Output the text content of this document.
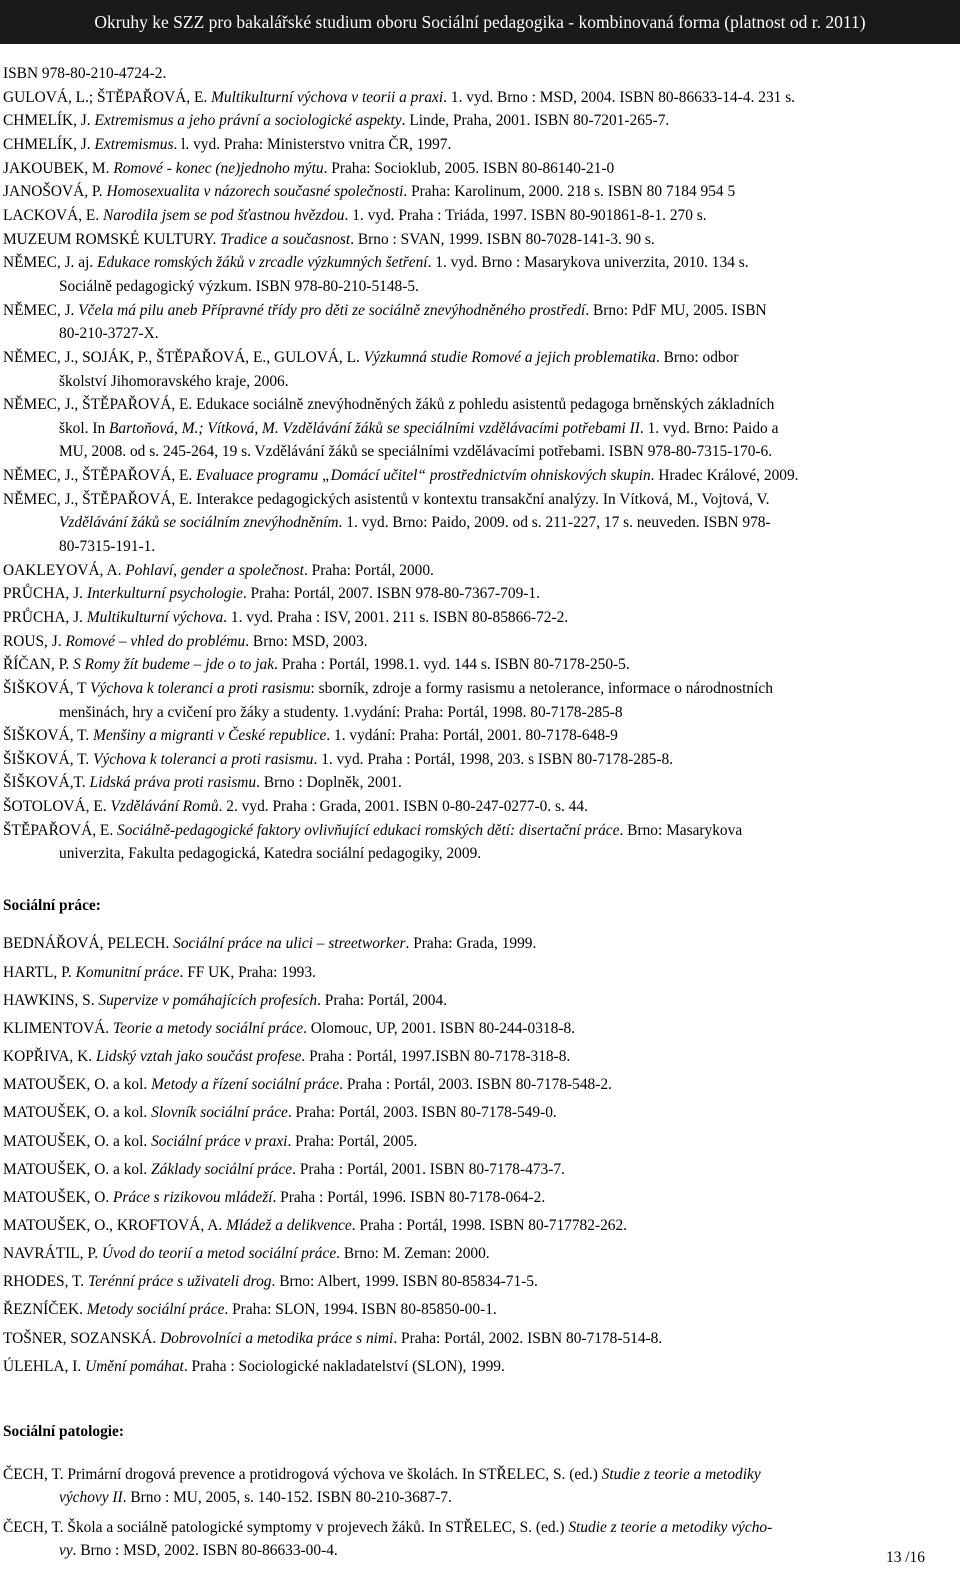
Okruhy ke SZZ pro bakalářské studium oboru Sociální pedagogika - kombinovaná forma (platnost od r. 2011)
ISBN 978-80-210-4724-2.
GULOVÁ, L.; ŠTĚPAŘOVÁ, E. Multikulturní výchova v teorii a praxi. 1. vyd. Brno : MSD, 2004. ISBN 80-86633-14-4. 231 s.
CHMELÍK, J. Extremismus a jeho právní a sociologické aspekty. Linde, Praha, 2001. ISBN 80-7201-265-7.
CHMELÍK, J. Extremismus. l. vyd. Praha: Ministerstvo vnitra ČR, 1997.
JAKOUBEK, M. Romové - konec (ne)jednoho mýtu. Praha: Socioklub, 2005. ISBN 80-86140-21-0
JANOŠOVÁ, P. Homosexualita v názorech současné společnosti. Praha: Karolinum, 2000. 218 s. ISBN 80 7184 954 5
LACKOVÁ, E. Narodila jsem se pod šťastnou hvězdou. 1. vyd. Praha : Triáda, 1997. ISBN 80-901861-8-1. 270 s.
MUZEUM ROMSKÉ KULTURY. Tradice a současnost. Brno : SVAN, 1999. ISBN 80-7028-141-3. 90 s.
NĚMEC, J. aj. Edukace romských žáků v zrcadle výzkumných šetření. 1. vyd. Brno : Masarykova univerzita, 2010. 134 s.
Sociálně pedagogický výzkum. ISBN 978-80-210-5148-5.
NĚMEC, J. Včela má pilu aneb Přípravné třídy pro děti ze sociálně znevýhodněného prostředí. Brno: PdF MU, 2005. ISBN
80-210-3727-X.
NĚMEC, J., SOJÁK, P., ŠTĚPAŘOVÁ, E., GULOVÁ, L. Výzkumná studie Romové a jejich problematika. Brno: odbor
školství Jihomoravského kraje, 2006.
NĚMEC, J., ŠTĚPAŘOVÁ, E. Edukace sociálně znevýhodněných žáků z pohledu asistentů pedagoga brněnských základních
škol. In Bartoňová, M.; Vítková, M. Vzdělávání žáků se speciálními vzdělávacími potřebami II. 1. vyd. Brno: Paido a
MU, 2008. od s. 245-264, 19 s. Vzdělávání žáků se speciálními vzdělávacími potřebami. ISBN 978-80-7315-170-6.
NĚMEC, J., ŠTĚPAŘOVÁ, E. Evaluace programu „Domácí učitel“ prostřednictvím ohniskových skupin. Hradec Králové, 2009.
NĚMEC, J., ŠTĚPAŘOVÁ, E. Interakce pedagogických asistentů v kontextu transakční analýzy. In Vítková, M., Vojtová, V.
Vzdělávání žáků se sociálním znevýhodněním. 1. vyd. Brno: Paido, 2009. od s. 211-227, 17 s. neuveden. ISBN 978-
80-7315-191-1.
OAKLEYOVÁ, A. Pohlaví, gender a společnost. Praha: Portál, 2000.
PRŮCHA, J. Interkulturní psychologie. Praha: Portál, 2007. ISBN 978-80-7367-709-1.
PRŮCHA, J. Multikulturní výchova. 1. vyd. Praha : ISV, 2001. 211 s. ISBN 80-85866-72-2.
ROUS, J. Romové – vhled do problému. Brno: MSD, 2003.
ŘÍČAN, P. S Romy žít budeme – jde o to jak. Praha : Portál, 1998.1. vyd. 144 s. ISBN 80-7178-250-5.
ŠIŠKOVÁ, T Výchova k toleranci a proti rasismu: sborník, zdroje a formy rasismu a netolerance, informace o národnostních
menšinách, hry a cvičení pro žáky a studenty. 1.vydání: Praha: Portál, 1998. 80-7178-285-8
ŠIŠKOVÁ, T. Menšiny a migranti v České republice. 1. vydání: Praha: Portál, 2001. 80-7178-648-9
ŠIŠKOVÁ, T. Výchova k toleranci a proti rasismu. 1. vyd. Praha : Portál, 1998, 203. s ISBN 80-7178-285-8.
ŠIŠKOVÁ,T. Lidská práva proti rasismu. Brno : Doplněk, 2001.
ŠOTOLOVÁ, E. Vzdělávání Romů. 2. vyd. Praha : Grada, 2001. ISBN 0-80-247-0277-0. s. 44.
ŠTĚPAŘOVÁ, E. Sociálně-pedagogické faktory ovlivňující edukaci romských dětí: disertační práce. Brno: Masarykova
univerzita, Fakulta pedagogická, Katedra sociální pedagogiky, 2009.
Sociální práce:
BEDNÁŘOVÁ, PELECH. Sociální práce na ulici – streetworker. Praha: Grada, 1999.
HARTL, P. Komunitní práce. FF UK, Praha: 1993.
HAWKINS, S. Supervize v pomáhajících profesích. Praha: Portál, 2004.
KLIMENTOVÁ. Teorie a metody sociální práce. Olomouc, UP, 2001. ISBN 80-244-0318-8.
KOPŘIVA, K. Lidský vztah jako součást profese. Praha : Portál, 1997.ISBN 80-7178-318-8.
MATOUŠEK, O. a kol. Metody a řízení sociální práce. Praha : Portál, 2003. ISBN 80-7178-548-2.
MATOUŠEK, O. a kol. Slovník sociální práce. Praha: Portál, 2003. ISBN 80-7178-549-0.
MATOUŠEK, O. a kol. Sociální práce v praxi. Praha: Portál, 2005.
MATOUŠEK, O. a kol. Základy sociální práce. Praha : Portál, 2001. ISBN 80-7178-473-7.
MATOUŠEK, O. Práce s rizikovou mládeží. Praha : Portál, 1996. ISBN 80-7178-064-2.
MATOUŠEK, O., KROFTOVÁ, A. Mládež a delikvence. Praha : Portál, 1998. ISBN 80-717782-262.
NAVRÁTIL, P. Úvod do teorií a metod sociální práce. Brno: M. Zeman: 2000.
RHODES, T. Terénní práce s uživateli drog. Brno: Albert, 1999. ISBN 80-85834-71-5.
ŘEZNÍČEK. Metody sociální práce. Praha: SLON, 1994. ISBN 80-85850-00-1.
TOŠNER, SOZANSKÁ. Dobrovolníci a metodika práce s nimi. Praha: Portál, 2002. ISBN 80-7178-514-8.
ÚLEHLA, I. Umění pomáhat. Praha : Sociologické nakladatelství (SLON), 1999.
Sociální patologie:
ČECH, T. Primární drogová prevence a protidrogová výchova ve školách. In STŘELEC, S. (ed.) Studie z teorie a metodiky
výchovy II. Brno : MU, 2005, s. 140-152. ISBN 80-210-3687-7.
ČECH, T. Škola a sociálně patologické symptomy v projevech žáků. In STŘELEC, S. (ed.) Studie z teorie a metodiky výcho-
vy. Brno : MSD, 2002. ISBN 80-86633-00-4.	13 /16
